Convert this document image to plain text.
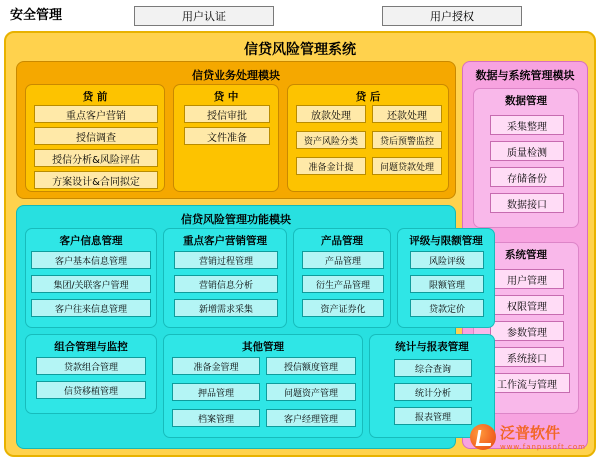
安全管理	用户认证	用户授权
信贷风险管理系统
信贷业务处理模块
贷 前
重点客户营销
授信调查
授信分析&风险评估
方案设计&合同拟定
贷 中
授信审批
文件准备
贷 后
放款处理	还款处理
资产风险分类	贷后预警监控
准备金计提	问题贷款处理
数据与系统管理模块
数据管理
采集整理
质量检测
存储备份
数据接口
系统管理
用户管理
权限管理
参数管理
系统接口
工作流与管理
信贷风险管理功能模块
客户信息管理
客户基本信息管理
集团/关联客户管理
客户往来信息管理
重点客户营销管理
营销过程管理
营销信息分析
新增需求采集
产品管理
产品管理
衍生产品管理
资产证券化
评级与限额管理
风险评级
限额管理
贷款定价
组合管理与监控
贷款组合管理
信贷移植管理
其他管理
准备金管理	授信额度管理
押品管理	问题资产管理
档案管理	客户经理管理
统计与报表管理
综合查询
统计分析
报表管理
泛普软件
www.fanpusoft.com
